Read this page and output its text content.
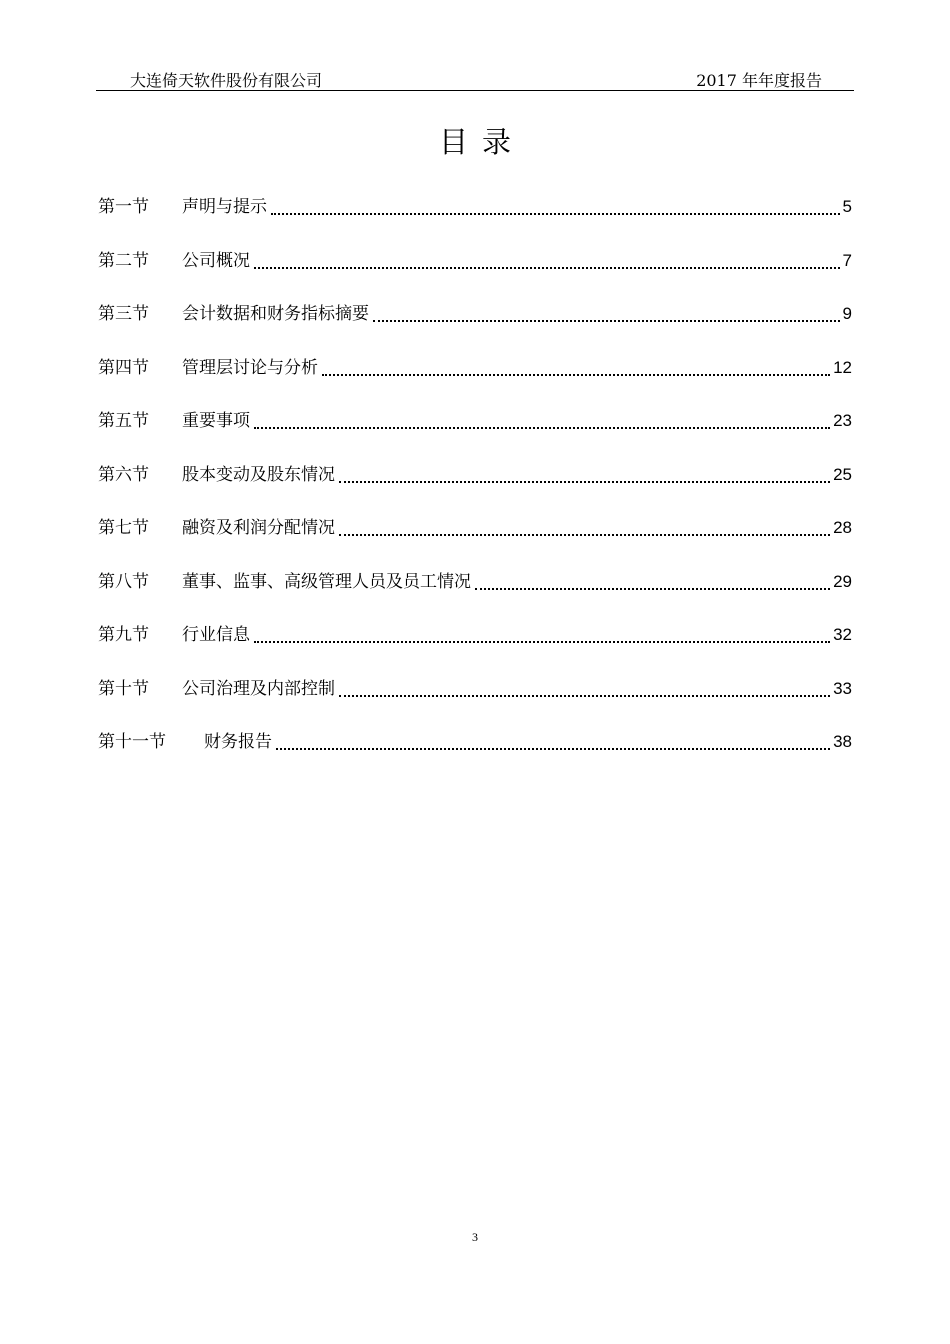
大连倚天软件股份有限公司	2017 年年度报告
目录
第一节	声明与提示	5
第二节	公司概况	7
第三节	会计数据和财务指标摘要	9
第四节	管理层讨论与分析	12
第五节	重要事项	23
第六节	股本变动及股东情况	25
第七节	融资及利润分配情况	28
第八节	董事、监事、高级管理人员及员工情况	29
第九节	行业信息	32
第十节	公司治理及内部控制	33
第十一节	财务报告	38
3
